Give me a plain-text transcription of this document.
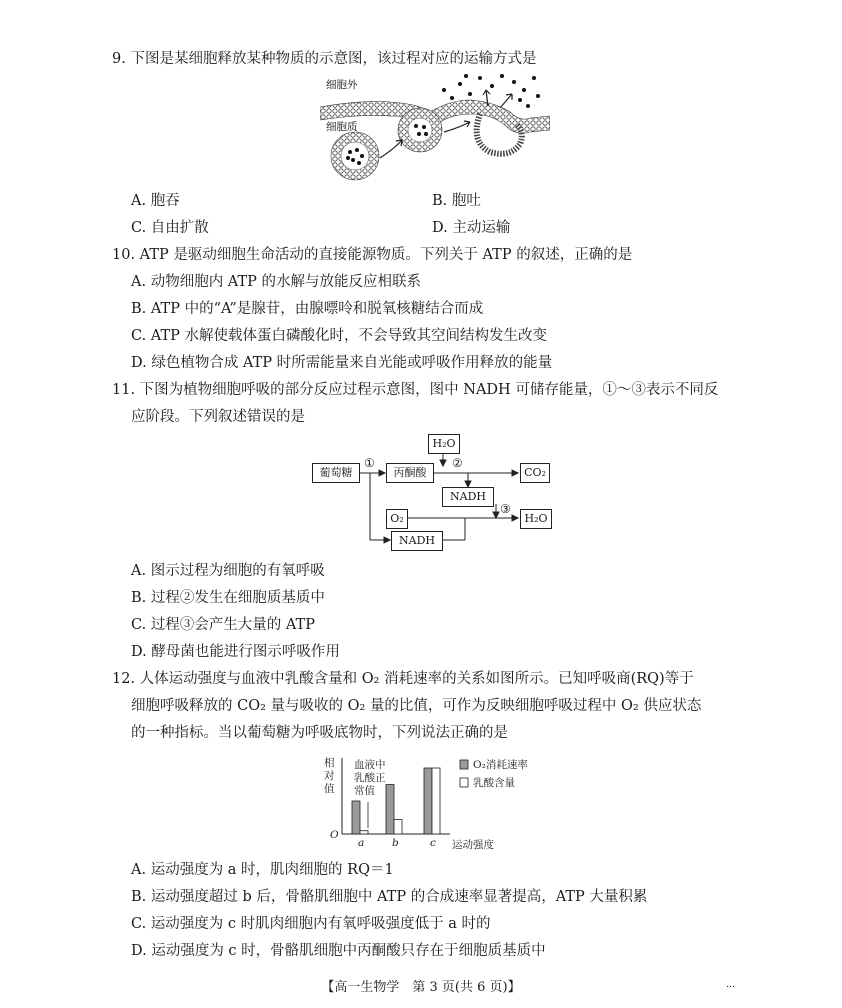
9. 下图是某细胞释放某种物质的示意图，该过程对应的运输方式是
细胞外
细胞质
A. 胞吞	B. 胞吐
C. 自由扩散	D. 主动运输
10. ATP 是驱动细胞生命活动的直接能源物质。下列关于 ATP 的叙述，正确的是
A. 动物细胞内 ATP 的水解与放能反应相联系
B. ATP 中的“A”是腺苷，由腺嘌呤和脱氧核糖结合而成
C. ATP 水解使载体蛋白磷酸化时，不会导致其空间结构发生改变
D. 绿色植物合成 ATP 时所需能量来自光能或呼吸作用释放的能量
11. 下图为植物细胞呼吸的部分反应过程示意图，图中 NADH 可储存能量，①～③表示不同反
应阶段。下列叙述错误的是
葡萄糖	丙酮酸
H₂O
CO₂
NADH
O₂	H₂O
NADH
①	②
③
A. 图示过程为细胞的有氧呼吸
B. 过程②发生在细胞质基质中
C. 过程③会产生大量的 ATP
D. 酵母菌也能进行图示呼吸作用
12. 人体运动强度与血液中乳酸含量和 O₂ 消耗速率的关系如图所示。已知呼吸商(RQ)等于
细胞呼吸释放的 CO₂ 量与吸收的 O₂ 量的比值，可作为反映细胞呼吸过程中 O₂ 供应状态
的一种指标。当以葡萄糖为呼吸底物时，下列说法正确的是
a	b	c
O
相
对
值
运动强度
血液中
乳酸正
常值
O₂消耗速率
乳酸含量
A. 运动强度为 a 时，肌肉细胞的 RQ＝1
B. 运动强度超过 b 后，骨骼肌细胞中 ATP 的合成速率显著提高，ATP 大量积累
C. 运动强度为 c 时肌肉细胞内有氧呼吸强度低于 a 时的
D. 运动强度为 c 时，骨骼肌细胞中丙酮酸只存在于细胞质基质中
【高一生物学　第 3 页(共 6 页)】	…
